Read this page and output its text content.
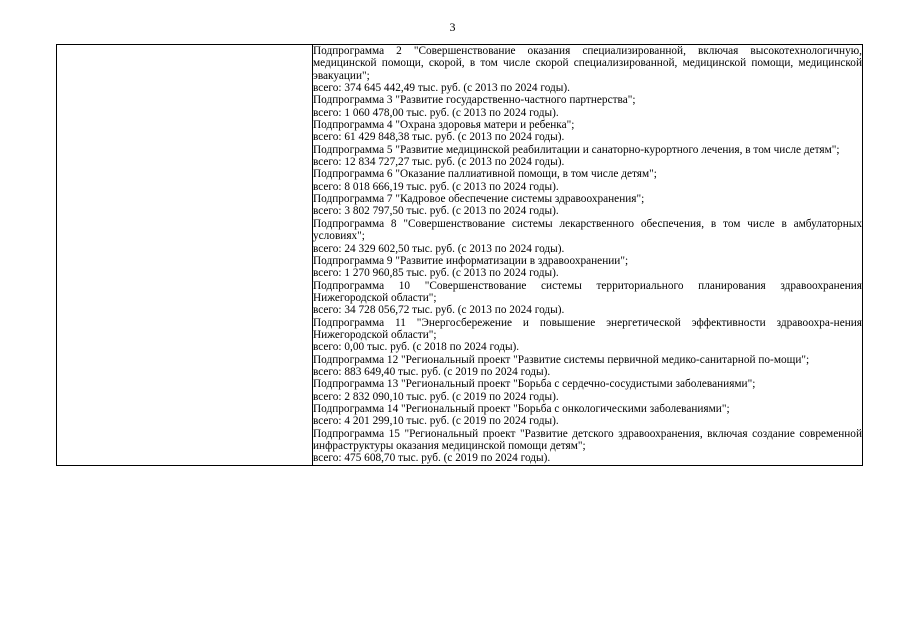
3

Подпрограмма 2 "Совершенствование оказания специализированной, включая высокотехнологичную, медицинской помощи, скорой, в том числе скорой специализированной, медицинской помощи, медицинской эвакуации";

всего: 374 645 442,49 тыс. руб. (с 2013 по 2024 годы).

Подпрограмма 3 "Развитие государственно-частного партнерства";

всего: 1 060 478,00 тыс. руб. (с 2013 по 2024 годы).

Подпрограмма 4 "Охрана здоровья матери и ребенка";

всего: 61 429 848,38 тыс. руб. (с 2013 по 2024 годы).

Подпрограмма 5 "Развитие медицинской реабилитации и санаторно-курортного лечения, в том числе детям";

всего: 12 834 727,27 тыс. руб. (с 2013 по 2024 годы).

Подпрограмма 6 "Оказание паллиативной помощи, в том числе детям";

всего: 8 018 666,19 тыс. руб. (с 2013 по 2024 годы).

Подпрограмма 7 "Кадровое обеспечение системы здравоохранения";

всего: 3 802 797,50 тыс. руб. (с 2013 по 2024 годы).

Подпрограмма 8 "Совершенствование системы лекарственного обеспечения, в том числе в амбулаторных условиях";

всего: 24 329 602,50 тыс. руб. (с 2013 по 2024 годы).

Подпрограмма 9 "Развитие информатизации в здравоохранении";

всего: 1 270 960,85 тыс. руб. (с 2013 по 2024 годы).

Подпрограмма 10 "Совершенствование системы территориального планирования здравоохранения Нижегородской области";

всего: 34 728 056,72 тыс. руб. (с 2013 по 2024 годы).

Подпрограмма 11 "Энергосбережение и повышение энергетической эффективности здравоохра-нения Нижегородской области";

всего: 0,00 тыс. руб. (с 2018 по 2024 годы).

Подпрограмма 12 "Региональный проект "Развитие системы первичной медико-санитарной по-мощи";

всего: 883 649,40 тыс. руб. (с 2019 по 2024 годы).

Подпрограмма 13 "Региональный проект "Борьба с сердечно-сосудистыми заболеваниями";

всего: 2 832 090,10 тыс. руб. (с 2019 по 2024 годы).

Подпрограмма 14 "Региональный проект "Борьба с онкологическими заболеваниями";

всего: 4 201 299,10 тыс. руб. (с 2019 по 2024 годы).

Подпрограмма 15 "Региональный проект "Развитие детского здравоохранения, включая создание современной инфраструктуры оказания медицинской помощи детям";

всего: 475 608,70 тыс. руб. (с 2019 по 2024 годы).
